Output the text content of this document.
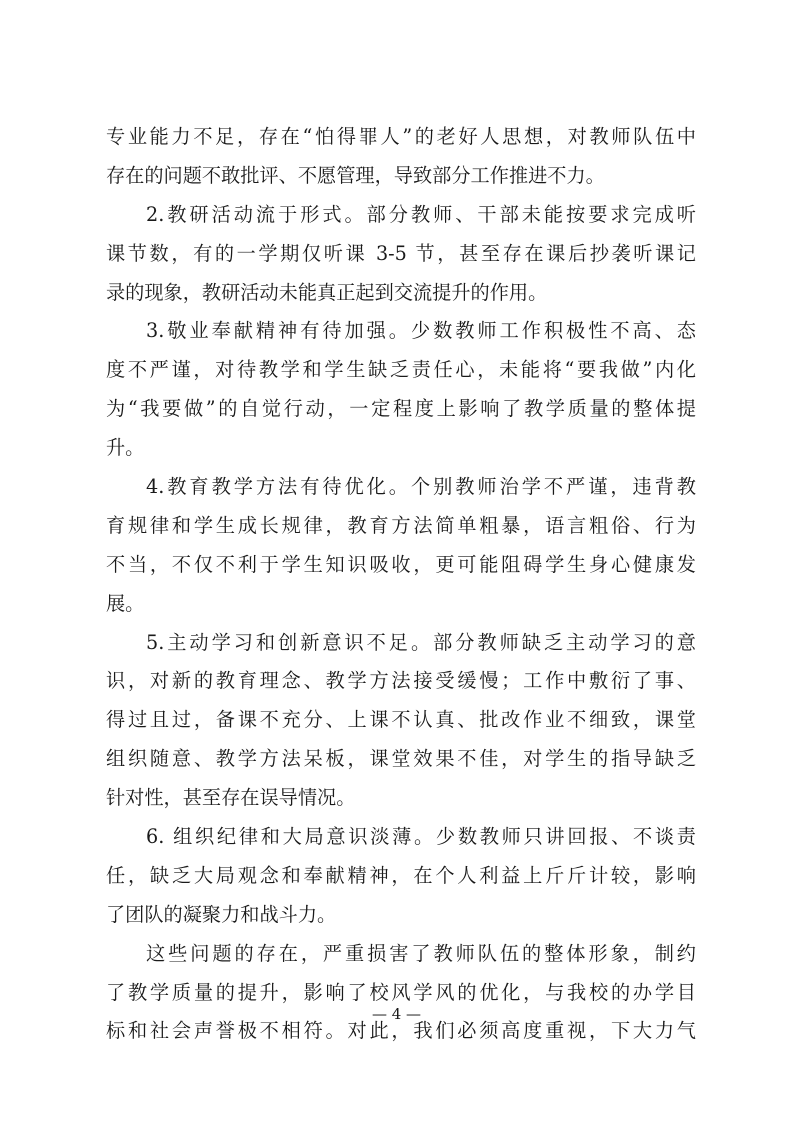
专业能力不足，存在“怕得罪人”的老好人思想，对教师队伍中
存在的问题不敢批评、不愿管理，导致部分工作推进不力。
2.教研活动流于形式。部分教师、干部未能按要求完成听
课节数，有的一学期仅听课 3-5 节，甚至存在课后抄袭听课记
录的现象，教研活动未能真正起到交流提升的作用。
3.敬业奉献精神有待加强。少数教师工作积极性不高、态
度不严谨，对待教学和学生缺乏责任心，未能将“要我做”内化
为“我要做”的自觉行动，一定程度上影响了教学质量的整体提
升。
4.教育教学方法有待优化。个别教师治学不严谨，违背教
育规律和学生成长规律，教育方法简单粗暴，语言粗俗、行为
不当，不仅不利于学生知识吸收，更可能阻碍学生身心健康发
展。
5.主动学习和创新意识不足。部分教师缺乏主动学习的意
识，对新的教育理念、教学方法接受缓慢；工作中敷衍了事、
得过且过，备课不充分、上课不认真、批改作业不细致，课堂
组织随意、教学方法呆板，课堂效果不佳，对学生的指导缺乏
针对性，甚至存在误导情况。
6. 组织纪律和大局意识淡薄。少数教师只讲回报、不谈责
任，缺乏大局观念和奉献精神，在个人利益上斤斤计较，影响
了团队的凝聚力和战斗力。
这些问题的存在，严重损害了教师队伍的整体形象，制约
了教学质量的提升，影响了校风学风的优化，与我校的办学目
标和社会声誉极不相符。对此，我们必须高度重视，下大力气
— 4 —
